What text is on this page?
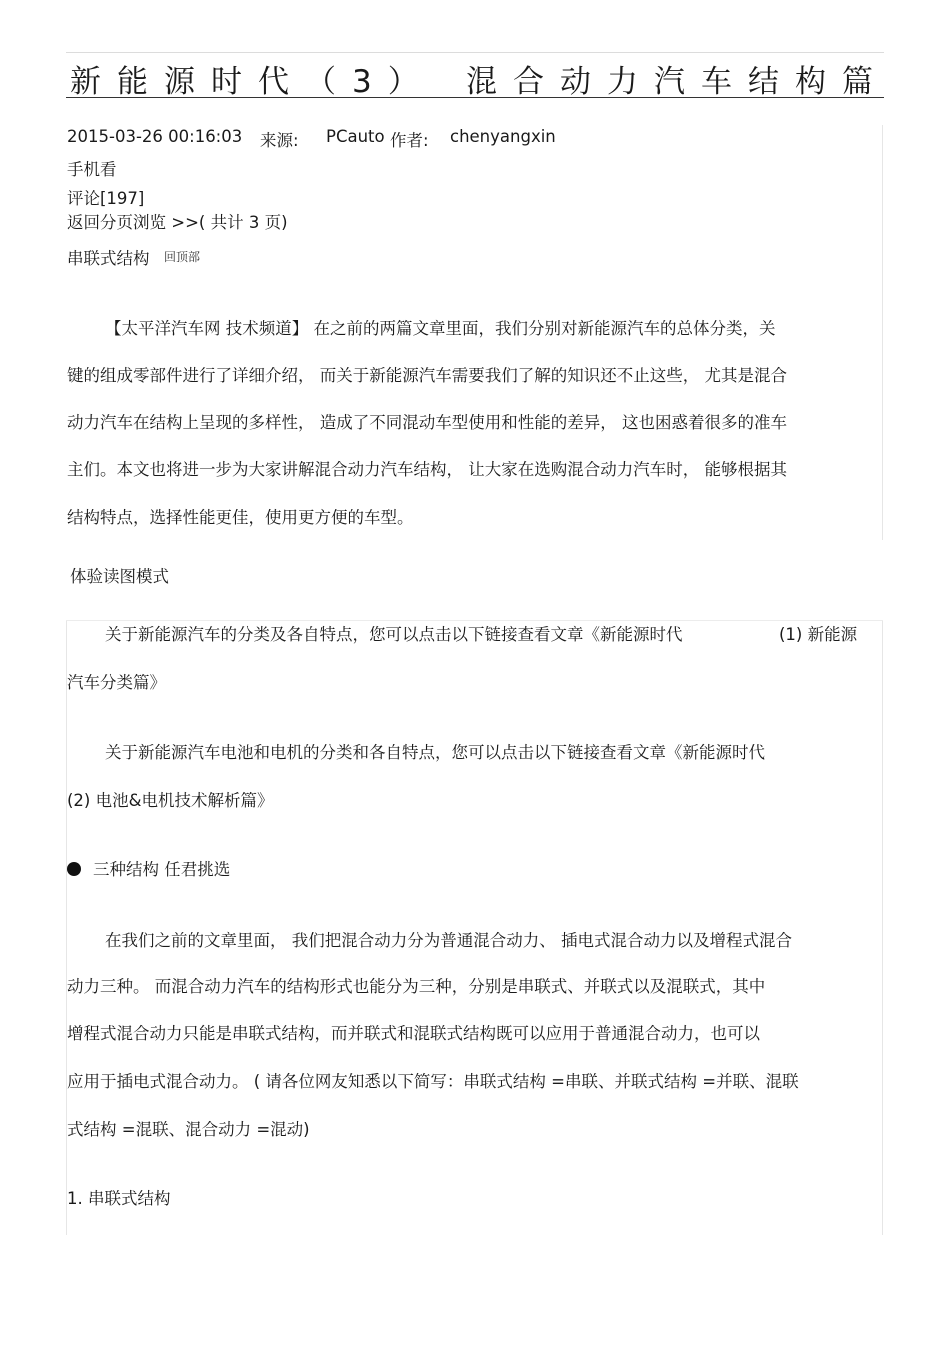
新能源时代（3） 混合动力汽车结构篇
2015-03-26 00:16:03 来源: PCauto 作者: chenyangxin
手机看
评论[197]
返回分页浏览 >>( 共计 3 页)
串联式结构 回顶部
【太平洋汽车网 技术频道】 在之前的两篇文章里面，我们分别对新能源汽车的总体分类，关
键的组成零部件进行了详细介绍， 而关于新能源汽车需要我们了解的知识还不止这些， 尤其是混合
动力汽车在结构上呈现的多样性， 造成了不同混动车型使用和性能的差异， 这也困惑着很多的准车
主们。本文也将进一步为大家讲解混合动力汽车结构， 让大家在选购混合动力汽车时， 能够根据其
结构特点，选择性能更佳，使用更方便的车型。
体验读图模式
关于新能源汽车的分类及各自特点，您可以点击以下链接查看文章《新能源时代	(1) 新能源
汽车分类篇》
关于新能源汽车电池和电机的分类和各自特点，您可以点击以下链接查看文章《新能源时代
(2) 电池&电机技术解析篇》
三种结构 任君挑选
在我们之前的文章里面， 我们把混合动力分为普通混合动力、 插电式混合动力以及增程式混合
动力三种。 而混合动力汽车的结构形式也能分为三种，分别是串联式、并联式以及混联式，其中
增程式混合动力只能是串联式结构，而并联式和混联式结构既可以应用于普通混合动力，也可以
应用于插电式混合动力。 ( 请各位网友知悉以下简写：串联式结构 =串联、并联式结构 =并联、混联
式结构 =混联、混合动力 =混动)
1. 串联式结构
